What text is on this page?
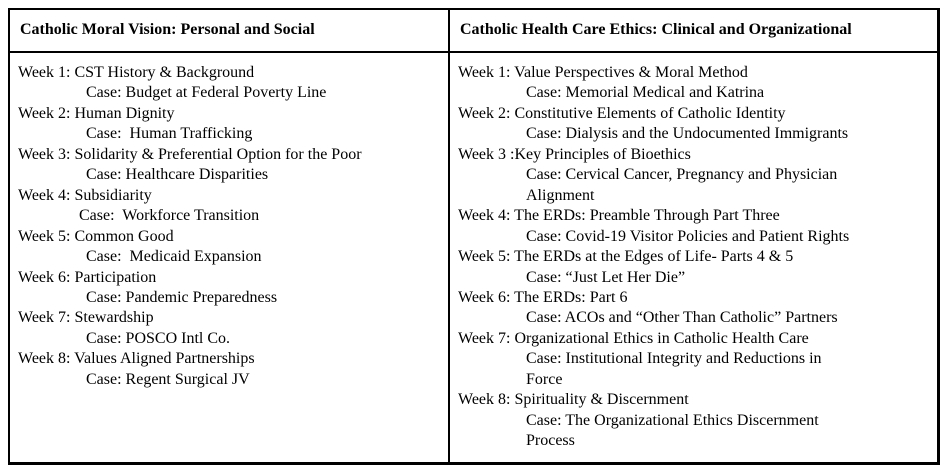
Catholic Moral Vision: Personal and Social
Week 1: CST History & Background
Case: Budget at Federal Poverty Line
Week 2: Human Dignity
Case:  Human Trafficking
Week 3: Solidarity & Preferential Option for the Poor
Case: Healthcare Disparities
Week 4: Subsidiarity
Case:  Workforce Transition
Week 5: Common Good
Case:  Medicaid Expansion
Week 6: Participation
Case: Pandemic Preparedness
Week 7: Stewardship
Case: POSCO Intl Co.
Week 8: Values Aligned Partnerships
Case: Regent Surgical JV
Catholic Health Care Ethics: Clinical and Organizational
Week 1: Value Perspectives & Moral Method
Case: Memorial Medical and Katrina
Week 2: Constitutive Elements of Catholic Identity
Case: Dialysis and the Undocumented Immigrants
Week 3 :Key Principles of Bioethics
Case: Cervical Cancer, Pregnancy and Physician
Alignment
Week 4: The ERDs: Preamble Through Part Three
Case: Covid-19 Visitor Policies and Patient Rights
Week 5: The ERDs at the Edges of Life- Parts 4 & 5
Case: “Just Let Her Die”
Week 6: The ERDs: Part 6
Case: ACOs and “Other Than Catholic” Partners
Week 7: Organizational Ethics in Catholic Health Care
Case: Institutional Integrity and Reductions in
Force
Week 8: Spirituality & Discernment
Case: The Organizational Ethics Discernment
Process
